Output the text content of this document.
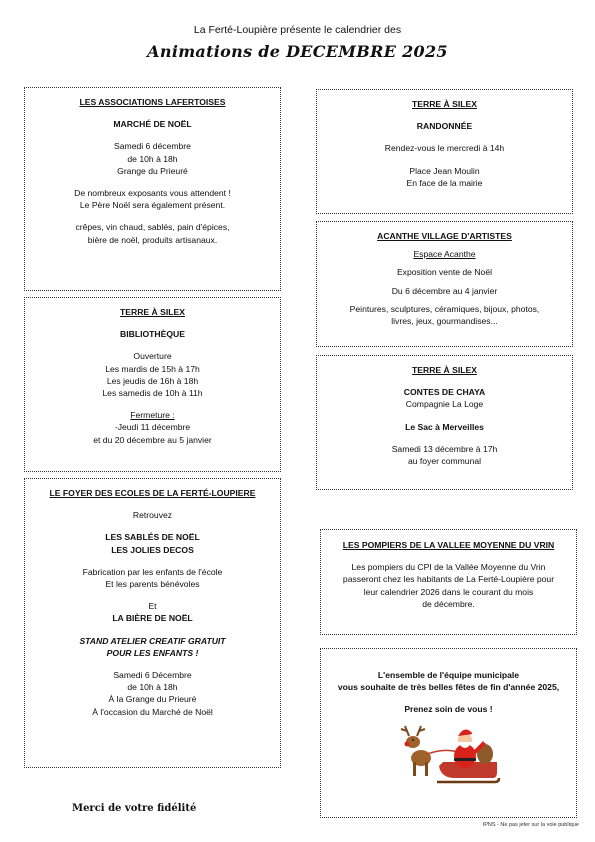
La Ferté-Loupière présente le calendrier des
Animations de DECEMBRE 2025
LES ASSOCIATIONS LAFERTOISES
MARCHÉ DE NOËL
Samedi 6 décembre
de 10h à 18h
Grange du Prieuré
De nombreux exposants vous attendent !
Le Père Noël sera également présent.
crêpes, vin chaud, sablés, pain d'épices,
bière de noël, produits artisanaux.
TERRE À SILEX
BIBLIOTHÈQUE
Ouverture
Les mardis de 15h à 17h
Les jeudis de 16h à 18h
Les samedis de 10h à 11h
Fermeture :
-Jeudi 11 décembre
et du 20 décembre au 5 janvier
LE FOYER DES ECOLES DE LA FERTÉ-LOUPIERE
Retrouvez
LES SABLÉS DE NOËL
LES JOLIES DECOS
Fabrication par les enfants de l'école
Et les parents bénévoles
Et
LA BIÈRE DE NOËL
STAND ATELIER CREATIF GRATUIT
POUR LES ENFANTS !
Samedi 6 Décembre
de 10h à 18h
À la Grange du Prieuré
À l'occasion du Marché de Noël
TERRE À SILEX
RANDONNÉE
Rendez-vous le mercredi à 14h
Place Jean Moulin
En face de la mairie
ACANTHE VILLAGE D'ARTISTES
Espace Acanthe
Exposition vente de Noël
Du 6 décembre au 4 janvier
Peintures, sculptures, céramiques, bijoux, photos,
livres, jeux, gourmandises...
TERRE À SILEX
CONTES DE CHAYA
Compagnie La Loge
Le Sac à Merveilles
Samedi 13 décembre à 17h
au foyer communal
LES POMPIERS DE LA VALLEE MOYENNE DU VRIN
Les pompiers du CPI de la Vallée Moyenne du Vrin
passeront chez les habitants de La Ferté-Loupière pour
leur calendrier 2026 dans le courant du mois
de décembre.
L'ensemble de l'équipe municipale
vous souhaite de très belles fêtes de fin d'année 2025,
Prenez soin de vous !
Merci de votre fidélité
IPNS - Ne pas jeter sur la voie publique
